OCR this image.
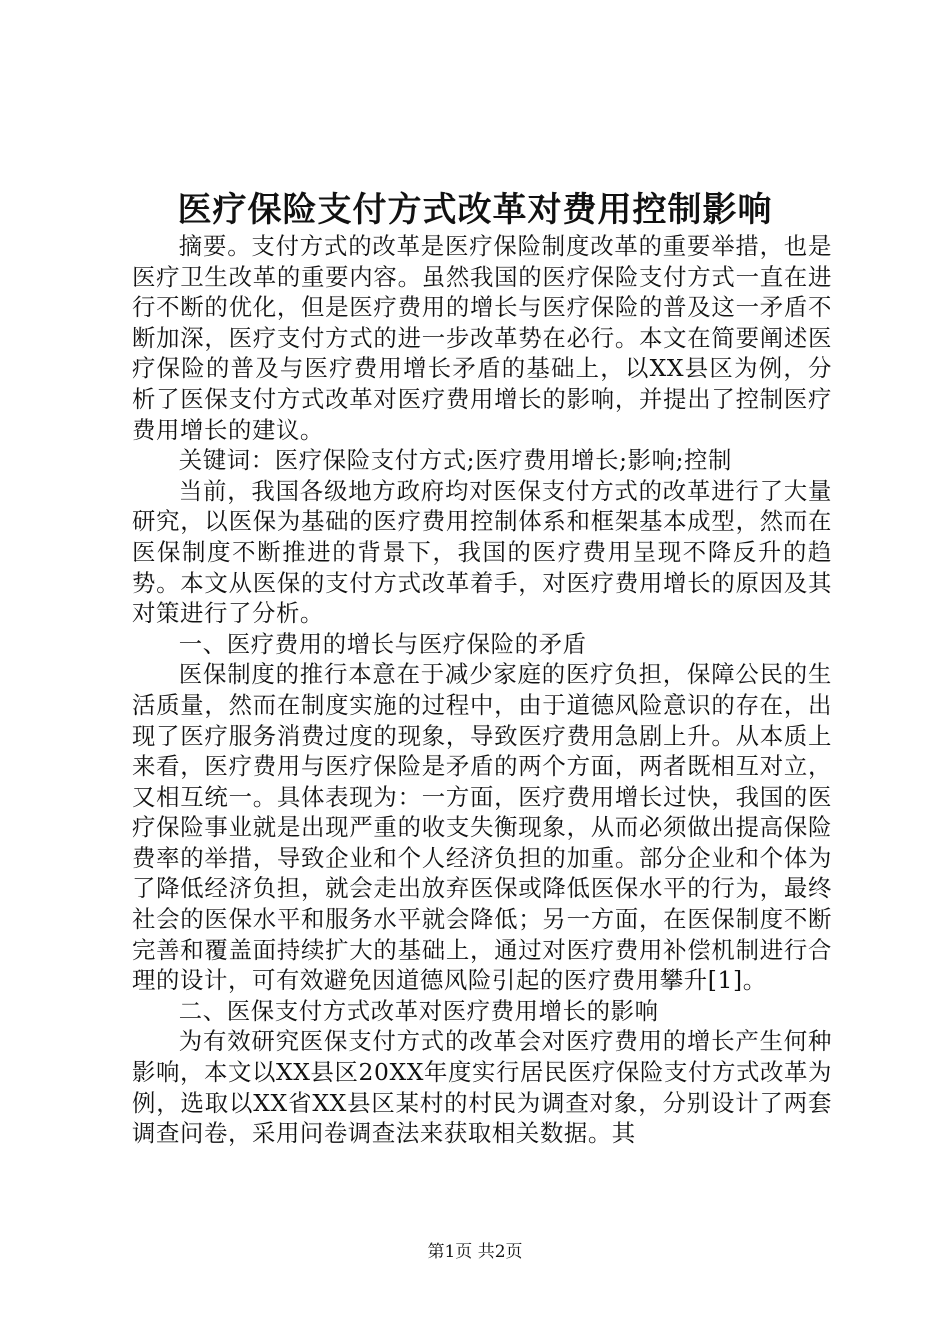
医疗保险支付方式改革对费用控制影响

摘要。支付方式的改革是医疗保险制度改革的重要举措，也是医疗卫生改革的重要内容。虽然我国的医疗保险支付方式一直在进行不断的优化，但是医疗费用的增长与医疗保险的普及这一矛盾不断加深，医疗支付方式的进一步改革势在必行。本文在简要阐述医疗保险的普及与医疗费用增长矛盾的基础上，以XX县区为例，分析了医保支付方式改革对医疗费用增长的影响，并提出了控制医疗费用增长的建议。

关键词：医疗保险支付方式;医疗费用增长;影响;控制

当前，我国各级地方政府均对医保支付方式的改革进行了大量研究，以医保为基础的医疗费用控制体系和框架基本成型，然而在医保制度不断推进的背景下，我国的医疗费用呈现不降反升的趋势。本文从医保的支付方式改革着手，对医疗费用增长的原因及其对策进行了分析。

一、医疗费用的增长与医疗保险的矛盾

医保制度的推行本意在于减少家庭的医疗负担，保障公民的生活质量，然而在制度实施的过程中，由于道德风险意识的存在，出现了医疗服务消费过度的现象，导致医疗费用急剧上升。从本质上来看，医疗费用与医疗保险是矛盾的两个方面，两者既相互对立，又相互统一。具体表现为：一方面，医疗费用增长过快，我国的医疗保险事业就是出现严重的收支失衡现象，从而必须做出提高保险费率的举措，导致企业和个人经济负担的加重。部分企业和个体为了降低经济负担，就会走出放弃医保或降低医保水平的行为，最终社会的医保水平和服务水平就会降低；另一方面，在医保制度不断完善和覆盖面持续扩大的基础上，通过对医疗费用补偿机制进行合理的设计，可有效避免因道德风险引起的医疗费用攀升[1]。

二、医保支付方式改革对医疗费用增长的影响

为有效研究医保支付方式的改革会对医疗费用的增长产生何种影响，本文以XX县区20XX年度实行居民医疗保险支付方式改革为例，选取以XX省XX县区某村的村民为调查对象，分别设计了两套调查问卷，采用问卷调查法来获取相关数据。其

第1页 共2页
